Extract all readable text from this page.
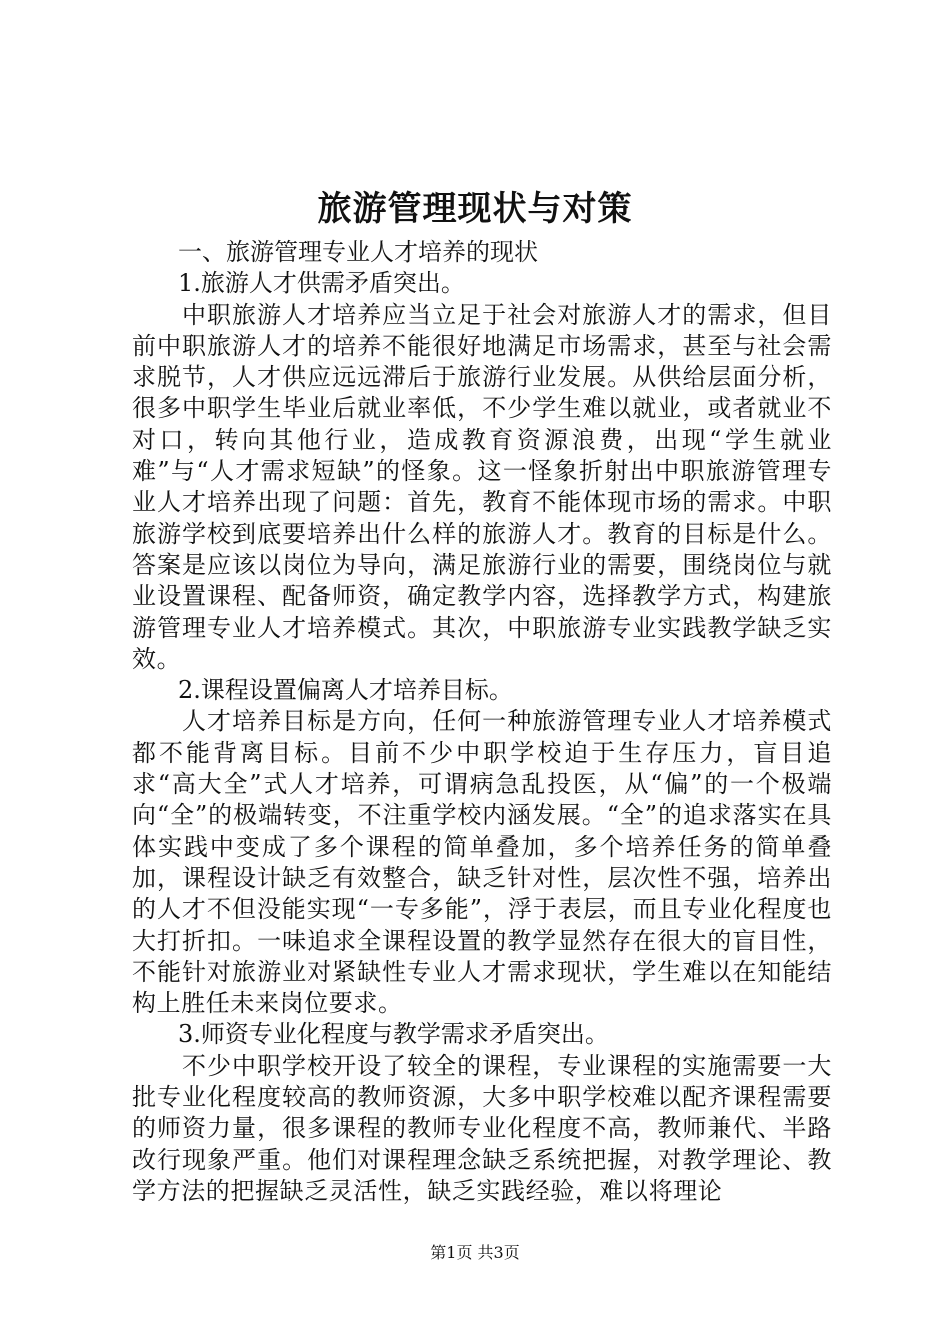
旅游管理现状与对策

一、旅游管理专业人才培养的现状

1.旅游人才供需矛盾突出。

中职旅游人才培养应当立足于社会对旅游人才的需求，但目前中职旅游人才的培养不能很好地满足市场需求，甚至与社会需求脱节，人才供应远远滞后于旅游行业发展。从供给层面分析，很多中职学生毕业后就业率低，不少学生难以就业，或者就业不对口，转向其他行业，造成教育资源浪费，出现“学生就业难”与“人才需求短缺”的怪象。这一怪象折射出中职旅游管理专业人才培养出现了问题：首先，教育不能体现市场的需求。中职旅游学校到底要培养出什么样的旅游人才。教育的目标是什么。答案是应该以岗位为导向，满足旅游行业的需要，围绕岗位与就业设置课程、配备师资，确定教学内容，选择教学方式，构建旅游管理专业人才培养模式。其次，中职旅游专业实践教学缺乏实效。

2.课程设置偏离人才培养目标。

人才培养目标是方向，任何一种旅游管理专业人才培养模式都不能背离目标。目前不少中职学校迫于生存压力，盲目追求“高大全”式人才培养，可谓病急乱投医，从“偏”的一个极端向“全”的极端转变，不注重学校内涵发展。“全”的追求落实在具体实践中变成了多个课程的简单叠加，多个培养任务的简单叠加，课程设计缺乏有效整合，缺乏针对性，层次性不强，培养出的人才不但没能实现“一专多能”，浮于表层，而且专业化程度也大打折扣。一味追求全课程设置的教学显然存在很大的盲目性，不能针对旅游业对紧缺性专业人才需求现状，学生难以在知能结构上胜任未来岗位要求。

3.师资专业化程度与教学需求矛盾突出。

不少中职学校开设了较全的课程，专业课程的实施需要一大批专业化程度较高的教师资源，大多中职学校难以配齐课程需要的师资力量，很多课程的教师专业化程度不高，教师兼代、半路改行现象严重。他们对课程理念缺乏系统把握，对教学理论、教学方法的把握缺乏灵活性，缺乏实践经验，难以将理论

第1页 共3页
